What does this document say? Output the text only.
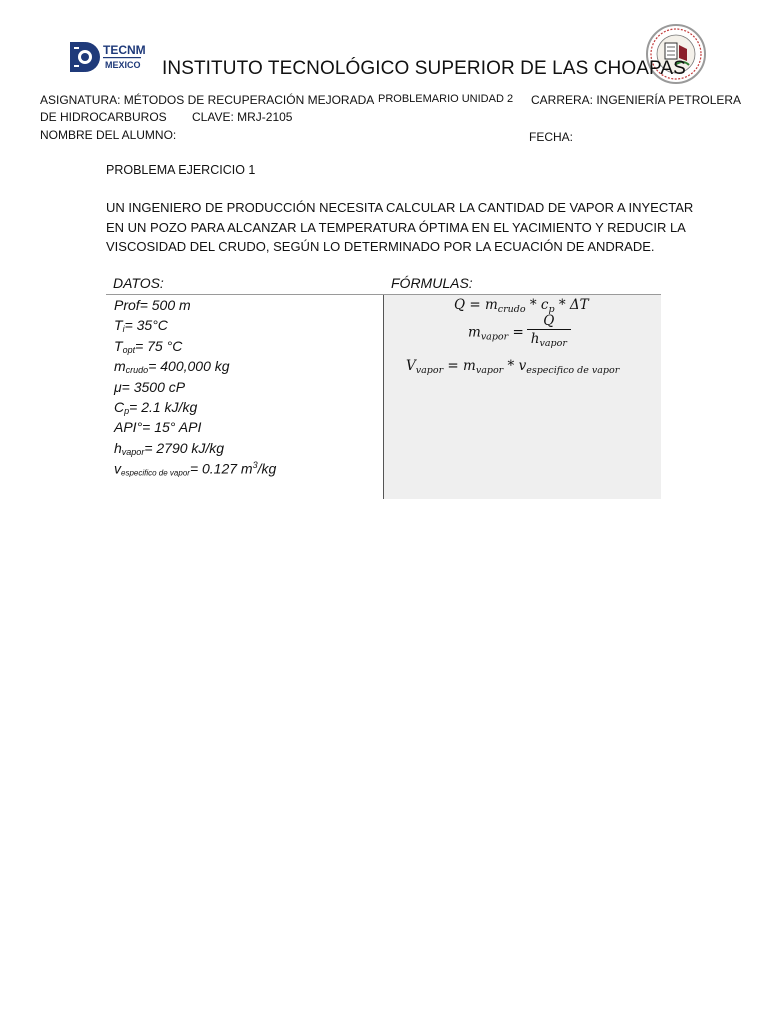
TECNM
MEXICO INSTITUTO TECNOLÓGICO SUPERIOR DE LAS CHOAPAS
ASIGNATURA: MÉTODOS DE RECUPERACIÓN MEJORADA PROBLEMARIO UNIDAD 2 CARRERA: INGENIERÍA PETROLERA
DE HIDROCARBUROS CLAVE: MRJ-2105
NOMBRE DEL ALUMNO:	FECHA:
PROBLEMA EJERCICIO 1
UN INGENIERO DE PRODUCCIÓN NECESITA CALCULAR LA CANTIDAD DE VAPOR A INYECTAR
EN UN POZO PARA ALCANZAR LA TEMPERATURA ÓPTIMA EN EL YACIMIENTO Y REDUCIR LA
VISCOSIDAD DEL CRUDO, SEGÚN LO DETERMINADO POR LA ECUACIÓN DE ANDRADE.
DATOS:	FÓRMULAS:
Prof= 500 m
$T_i= 35^\circ C$
$T_{opt}= 75$ °C
$m_{crudo}= 400,000$ kg
μ= 3500 cP
$C_p= 2.1$ kJ/kg
API°= 15° API
$h_{vapor}= 2790$ kJ/kg
$v_{especifico de vapor}= 0.127$ $m^3/kg$
$Q = m_{crudo} * c_p * \Delta T$
$m_{vapor} = \frac{Q}{h_{vapor}}$
$V_{vapor} = m_{vapor} * v_{especifico de vapor}$
